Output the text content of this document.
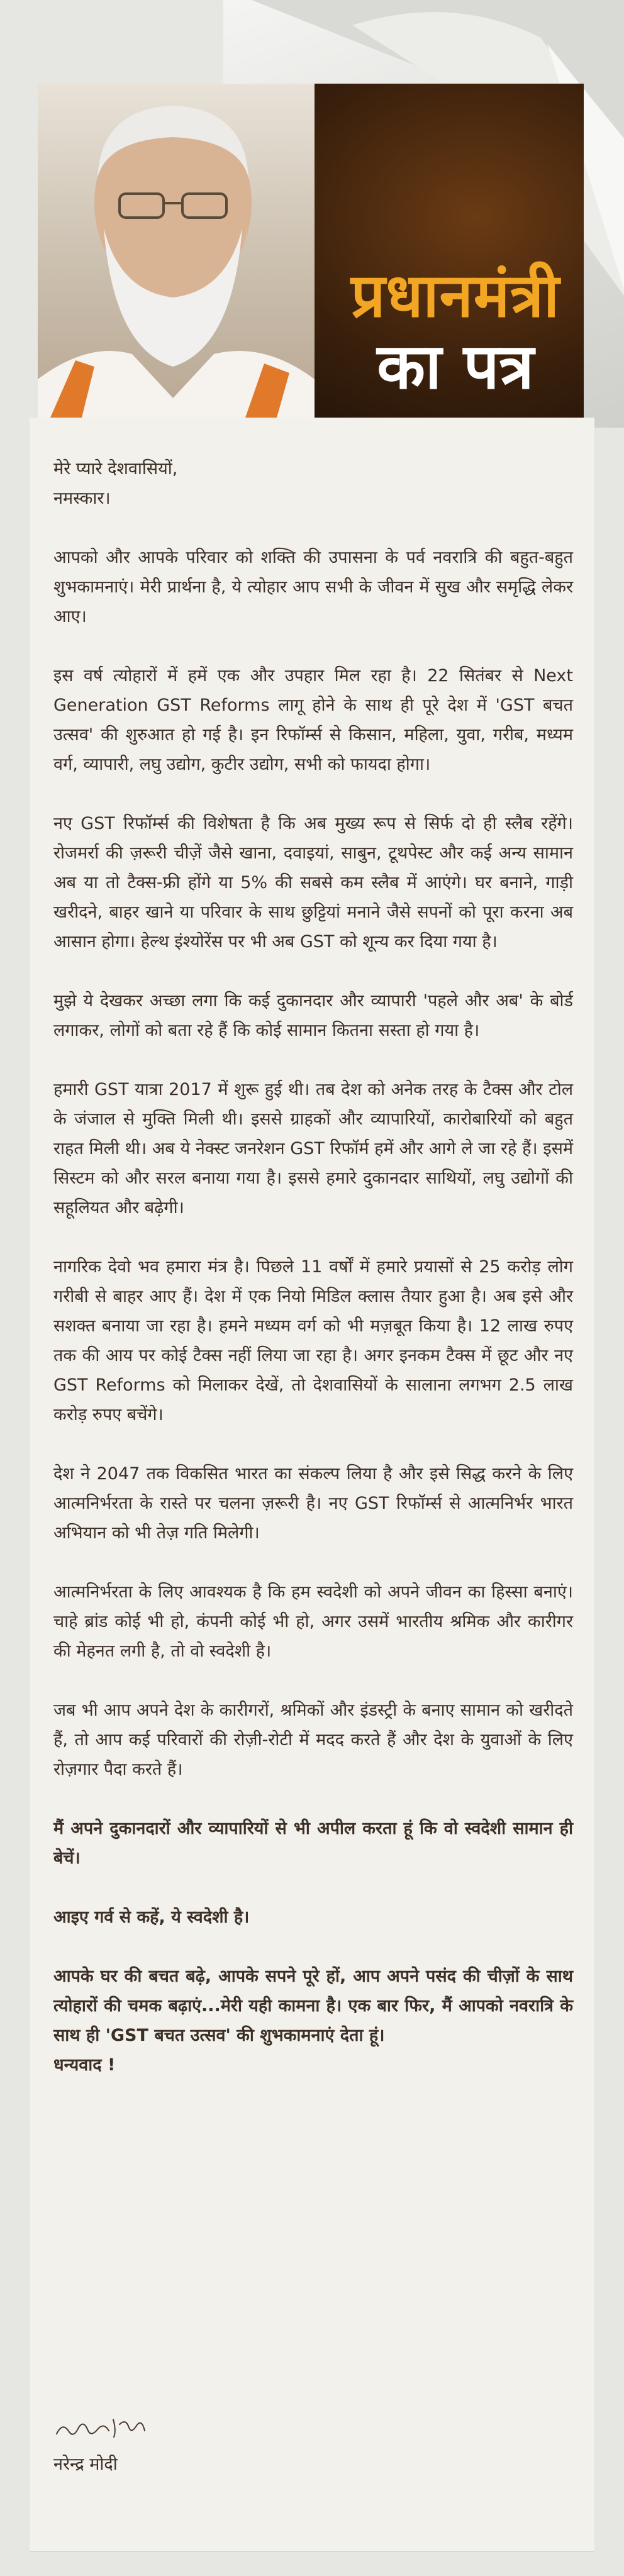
प्रधानमंत्री
का पत्र

मेरे प्यारे देशवासियों,

नमस्कार।

आपको और आपके परिवार को शक्ति की उपासना के पर्व नवरात्रि की बहुत-बहुत शुभकामनाएं। मेरी प्रार्थना है, ये त्योहार आप सभी के जीवन में सुख और समृद्धि लेकर आए।

इस वर्ष त्योहारों में हमें एक और उपहार मिल रहा है। 22 सितंबर से Next Generation GST Reforms लागू होने के साथ ही पूरे देश में 'GST बचत उत्सव' की शुरुआत हो गई है। इन रिफॉर्म्स से किसान, महिला, युवा, गरीब, मध्यम वर्ग, व्यापारी, लघु उद्योग, कुटीर उद्योग, सभी को फायदा होगा।

नए GST रिफॉर्म्स की विशेषता है कि अब मुख्य रूप से सिर्फ दो ही स्लैब रहेंगे। रोजमर्रा की ज़रूरी चीज़ें जैसे खाना, दवाइयां, साबुन, टूथपेस्ट और कई अन्य सामान अब या तो टैक्स-फ्री होंगे या 5% की सबसे कम स्लैब में आएंगे। घर बनाने, गाड़ी खरीदने, बाहर खाने या परिवार के साथ छुट्टियां मनाने जैसे सपनों को पूरा करना अब आसान होगा। हेल्थ इंश्योरेंस पर भी अब GST को शून्य कर दिया गया है।

मुझे ये देखकर अच्छा लगा कि कई दुकानदार और व्यापारी 'पहले और अब' के बोर्ड लगाकर, लोगों को बता रहे हैं कि कोई सामान कितना सस्ता हो गया है।

हमारी GST यात्रा 2017 में शुरू हुई थी। तब देश को अनेक तरह के टैक्स और टोल के जंजाल से मुक्ति मिली थी। इससे ग्राहकों और व्यापारियों, कारोबारियों को बहुत राहत मिली थी। अब ये नेक्स्ट जनरेशन GST रिफॉर्म हमें और आगे ले जा रहे हैं। इसमें सिस्टम को और सरल बनाया गया है। इससे हमारे दुकानदार साथियों, लघु उद्योगों की सहूलियत और बढ़ेगी।

नागरिक देवो भव हमारा मंत्र है। पिछले 11 वर्षों में हमारे प्रयासों से 25 करोड़ लोग गरीबी से बाहर आए हैं। देश में एक नियो मिडिल क्लास तैयार हुआ है। अब इसे और सशक्त बनाया जा रहा है। हमने मध्यम वर्ग को भी मज़बूत किया है। 12 लाख रुपए तक की आय पर कोई टैक्स नहीं लिया जा रहा है। अगर इनकम टैक्स में छूट और नए GST Reforms को मिलाकर देखें, तो देशवासियों के सालाना लगभग 2.5 लाख करोड़ रुपए बचेंगे।

देश ने 2047 तक विकसित भारत का संकल्प लिया है और इसे सिद्ध करने के लिए आत्मनिर्भरता के रास्ते पर चलना ज़रूरी है। नए GST रिफॉर्म्स से आत्मनिर्भर भारत अभियान को भी तेज़ गति मिलेगी।

आत्मनिर्भरता के लिए आवश्यक है कि हम स्वदेशी को अपने जीवन का हिस्सा बनाएं। चाहे ब्रांड कोई भी हो, कंपनी कोई भी हो, अगर उसमें भारतीय श्रमिक और कारीगर की मेहनत लगी है, तो वो स्वदेशी है।

जब भी आप अपने देश के कारीगरों, श्रमिकों और इंडस्ट्री के बनाए सामान को खरीदते हैं, तो आप कई परिवारों की रोज़ी-रोटी में मदद करते हैं और देश के युवाओं के लिए रोज़गार पैदा करते हैं।

मैं अपने दुकानदारों और व्यापारियों से भी अपील करता हूं कि वो स्वदेशी सामान ही बेचें।

आइए गर्व से कहें, ये स्वदेशी है।

आपके घर की बचत बढ़े, आपके सपने पूरे हों, आप अपने पसंद की चीज़ों के साथ त्योहारों की चमक बढ़ाएं...मेरी यही कामना है। एक बार फिर, मैं आपको नवरात्रि के साथ ही 'GST बचत उत्सव' की शुभकामनाएं देता हूं।

धन्यवाद !

नरेन्द्र मोदी
